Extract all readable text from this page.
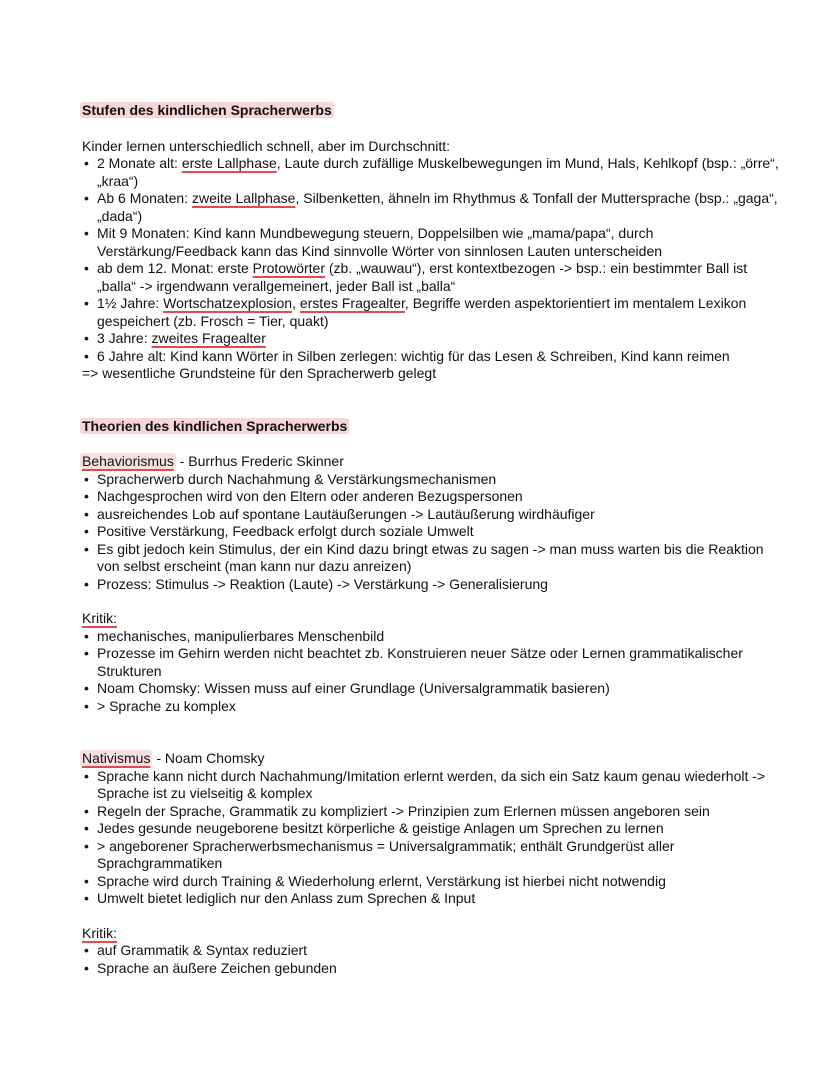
Stufen des kindlichen Spracherwerbs

Kinder lernen unterschiedlich schnell, aber im Durchschnitt:

• 2 Monate alt: erste Lallphase, Laute durch zufällige Muskelbewegungen im Mund, Hals, Kehlkopf (bsp.: „örre“, „kraa“)
• Ab 6 Monaten: zweite Lallphase, Silbenketten, ähneln im Rhythmus & Tonfall der Muttersprache (bsp.: „gaga“, „dada“)
• Mit 9 Monaten: Kind kann Mundbewegung steuern, Doppelsilben wie „mama/papa“, durch Verstärkung/Feedback kann das Kind sinnvolle Wörter von sinnlosen Lauten unterscheiden
• ab dem 12. Monat: erste Protowörter (zb. „wauwau“), erst kontextbezogen -> bsp.: ein bestimmter Ball ist „balla“ -> irgendwann verallgemeinert, jeder Ball ist „balla“
• 1½ Jahre: Wortschatzexplosion, erstes Fragealter, Begriffe werden aspektorientiert im mentalem Lexikon gespeichert (zb. Frosch = Tier, quakt)
• 3 Jahre: zweites Fragealter
• 6 Jahre alt: Kind kann Wörter in Silben zerlegen: wichtig für das Lesen & Schreiben, Kind kann reimen

=> wesentliche Grundsteine für den Spracherwerb gelegt

Theorien des kindlichen Spracherwerbs

Behaviorismus - Burrhus Frederic Skinner

• Spracherwerb durch Nachahmung & Verstärkungsmechanismen
• Nachgesprochen wird von den Eltern oder anderen Bezugspersonen
• ausreichendes Lob auf spontane Lautäußerungen -> Lautäußerung wirdhäufiger
• Positive Verstärkung, Feedback erfolgt durch soziale Umwelt
• Es gibt jedoch kein Stimulus, der ein Kind dazu bringt etwas zu sagen -> man muss warten bis die Reaktion von selbst erscheint (man kann nur dazu anreizen)
• Prozess: Stimulus -> Reaktion (Laute) -> Verstärkung -> Generalisierung

Kritik:

• mechanisches, manipulierbares Menschenbild
• Prozesse im Gehirn werden nicht beachtet zb. Konstruieren neuer Sätze oder Lernen grammatikalischer Strukturen
• Noam Chomsky: Wissen muss auf einer Grundlage (Universalgrammatik basieren)
• > Sprache zu komplex

Nativismus - Noam Chomsky

• Sprache kann nicht durch Nachahmung/Imitation erlernt werden, da sich ein Satz kaum genau wiederholt -> Sprache ist zu vielseitig & komplex
• Regeln der Sprache, Grammatik zu kompliziert -> Prinzipien zum Erlernen müssen angeboren sein
• Jedes gesunde neugeborene besitzt körperliche & geistige Anlagen um Sprechen zu lernen
• > angeborener Spracherwerbsmechanismus = Universalgrammatik; enthält Grundgerüst aller Sprachgrammatiken
• Sprache wird durch Training & Wiederholung erlernt, Verstärkung ist hierbei nicht notwendig
• Umwelt bietet lediglich nur den Anlass zum Sprechen & Input

Kritik:

• auf Grammatik & Syntax reduziert
• Sprache an äußere Zeichen gebunden
